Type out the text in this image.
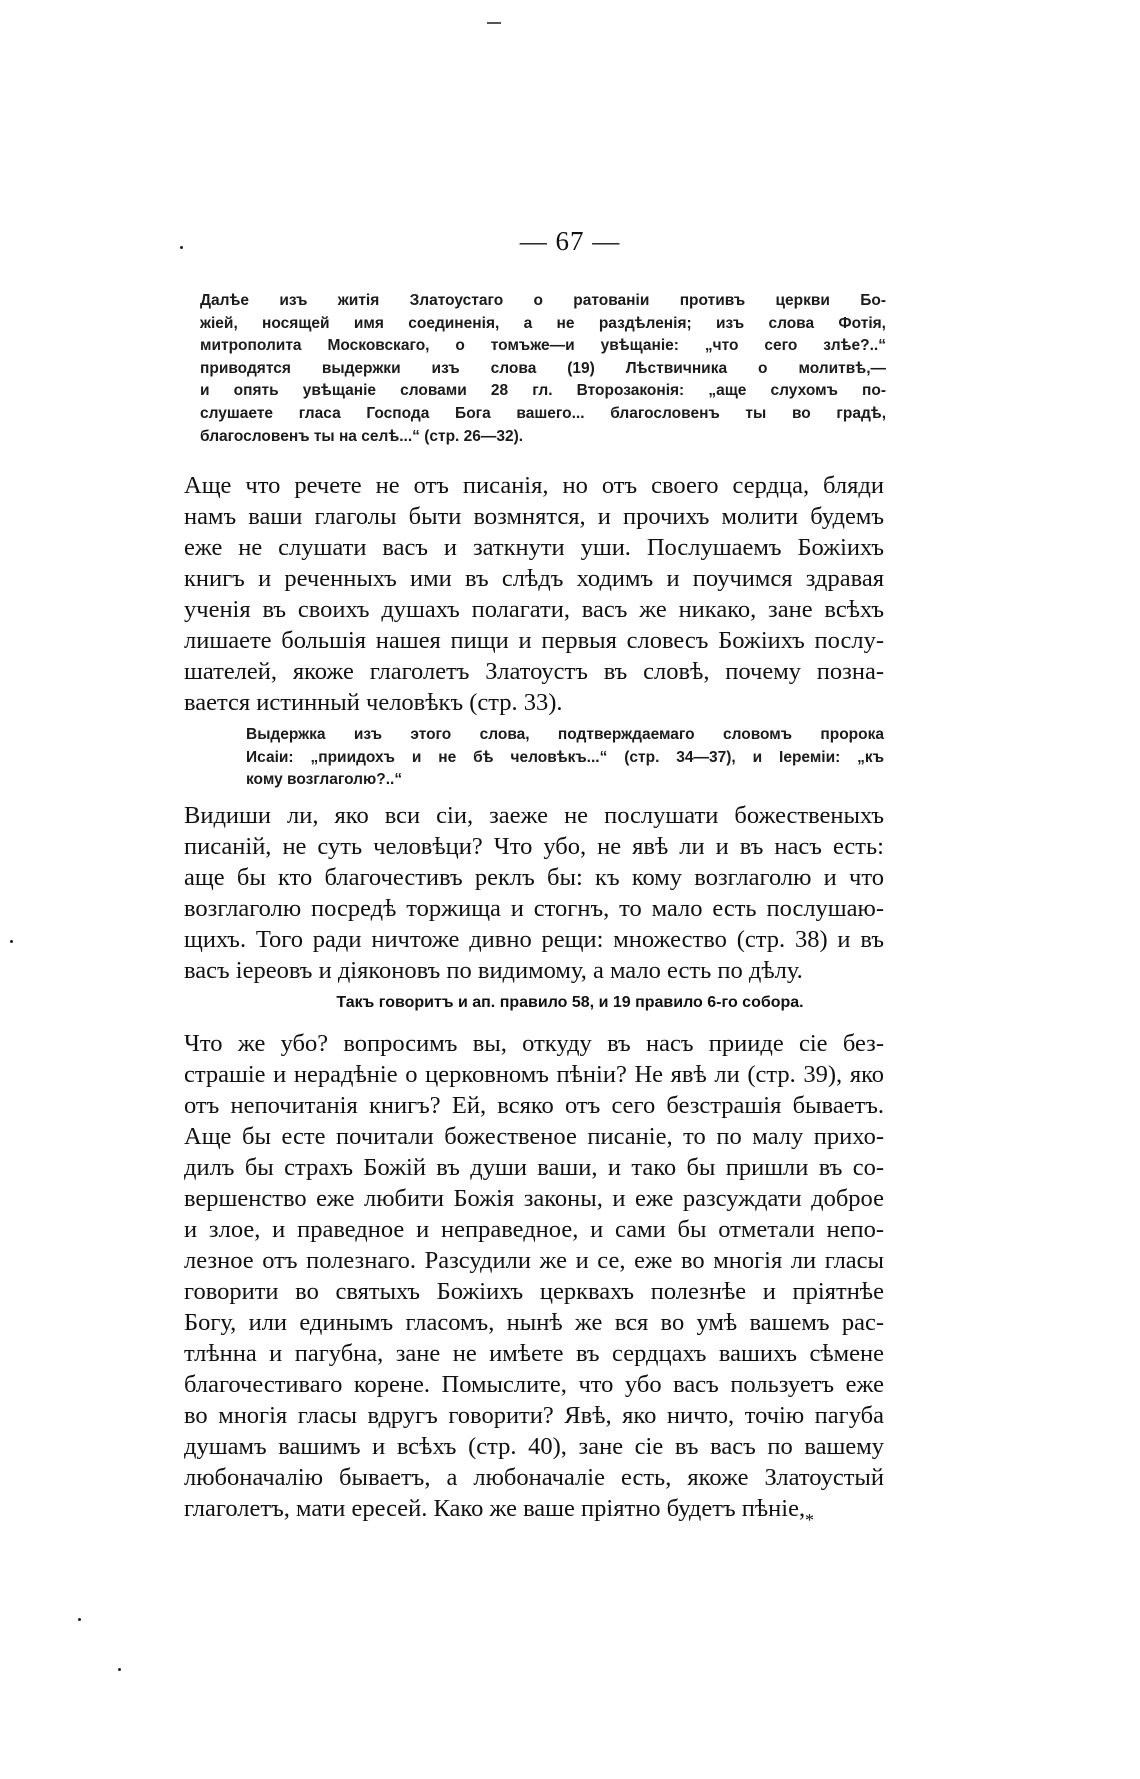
— 67 —
Далѣе изъ житія Златоустаго о ратованіи противъ церкви Бо-
жіей, носящей имя соединенія, а не раздѣленія; изъ слова Фотія,
митрополита Московскаго, о томъже—и увѣщаніе: „что сего злѣе?..“
приводятся выдержки изъ слова (19) Лѣствичника о молитвѣ,—
и опять увѣщаніе словами 28 гл. Второзаконія: „аще слухомъ по-
слушаете гласа Господа Бога вашего... благословенъ ты во градѣ,
благословенъ ты на селѣ...“ (стр. 26—32).
Аще что речете не отъ писанія, но отъ своего сердца, бляди
намъ ваши глаголы быти возмнятся, и прочихъ молити будемъ
еже не слушати васъ и заткнути уши. Послушаемъ Божіихъ
книгъ и реченныхъ ими въ слѣдъ ходимъ и поучимся здравая
ученія въ своихъ душахъ полагати, васъ же никако, зане всѣхъ
лишаете большія нашея пищи и первыя словесъ Божіихъ послу-
шателей, якоже глаголетъ Златоустъ въ словѣ, почему позна-
вается истинный человѣкъ (стр. 33).
Выдержка изъ этого слова, подтверждаемаго словомъ пророка
Исаіи: „приидохъ и не бѣ человѣкъ...“ (стр. 34—37), и Іереміи: „къ
кому возглаголю?..“
Видиши ли, яко вси сіи, заеже не послушати божественыхъ
писаній, не суть человѣци? Что убо, не явѣ ли и въ насъ есть:
аще бы кто благочестивъ реклъ бы: къ кому возглаголю и что
возглаголю посредѣ торжища и стогнъ, то мало есть послушаю-
щихъ. Того ради ничтоже дивно рещи: множество (стр. 38) и въ
васъ іереовъ и діяконовъ по видимому, а мало есть по дѣлу.
Такъ говоритъ и ап. правило 58, и 19 правило 6-го собора.
Что же убо? вопросимъ вы, откуду въ насъ прииде сіе без-
страшіе и нерадѣніе о церковномъ пѣніи? Не явѣ ли (стр. 39), яко
отъ непочитанія книгъ? Ей, всяко отъ сего безстрашія бываетъ.
Аще бы есте почитали божественое писаніе, то по малу прихо-
дилъ бы страхъ Божій въ души ваши, и тако бы пришли въ со-
вершенство еже любити Божія законы, и еже разсуждати доброе
и злое, и праведное и неправедное, и сами бы отметали непо-
лезное отъ полезнаго. Разсудили же и се, еже во многія ли гласы
говорити во святыхъ Божіихъ церквахъ полезнѣе и пріятнѣе
Богу, или единымъ гласомъ, нынѣ же вся во умѣ вашемъ рас-
тлѣнна и пагубна, зане не имѣете въ сердцахъ вашихъ сѣмене
благочестиваго корене. Помыслите, что убо васъ пользуетъ еже
во многія гласы вдругъ говорити? Явѣ, яко ничто, точію пагуба
душамъ вашимъ и всѣхъ (стр. 40), зане сіе въ васъ по вашему
любоначалію бываетъ, а любоначаліе есть, якоже Златоустый
глаголетъ, мати ересей. Како же ваше пріятно будетъ пѣніе, *
